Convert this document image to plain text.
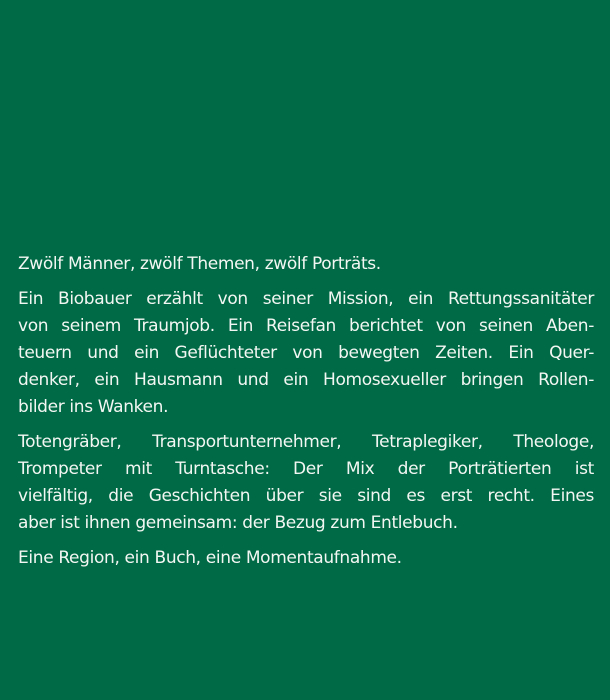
Zwölf Männer, zwölf Themen, zwölf Porträts.

Ein Biobauer erzählt von seiner Mission, ein Rettungssanitäter
von seinem Traumjob. Ein Reisefan berichtet von seinen Aben-
teuern und ein Geflüchteter von bewegten Zeiten. Ein Quer-
denker, ein Hausmann und ein Homosexueller bringen Rollen-
bilder ins Wanken.

Totengräber, Transportunternehmer, Tetraplegiker, Theologe,
Trompeter mit Turntasche: Der Mix der Porträtierten ist
vielfältig, die Geschichten über sie sind es erst recht. Eines
aber ist ihnen gemeinsam: der Bezug zum Entlebuch.

Eine Region, ein Buch, eine Momentaufnahme.
